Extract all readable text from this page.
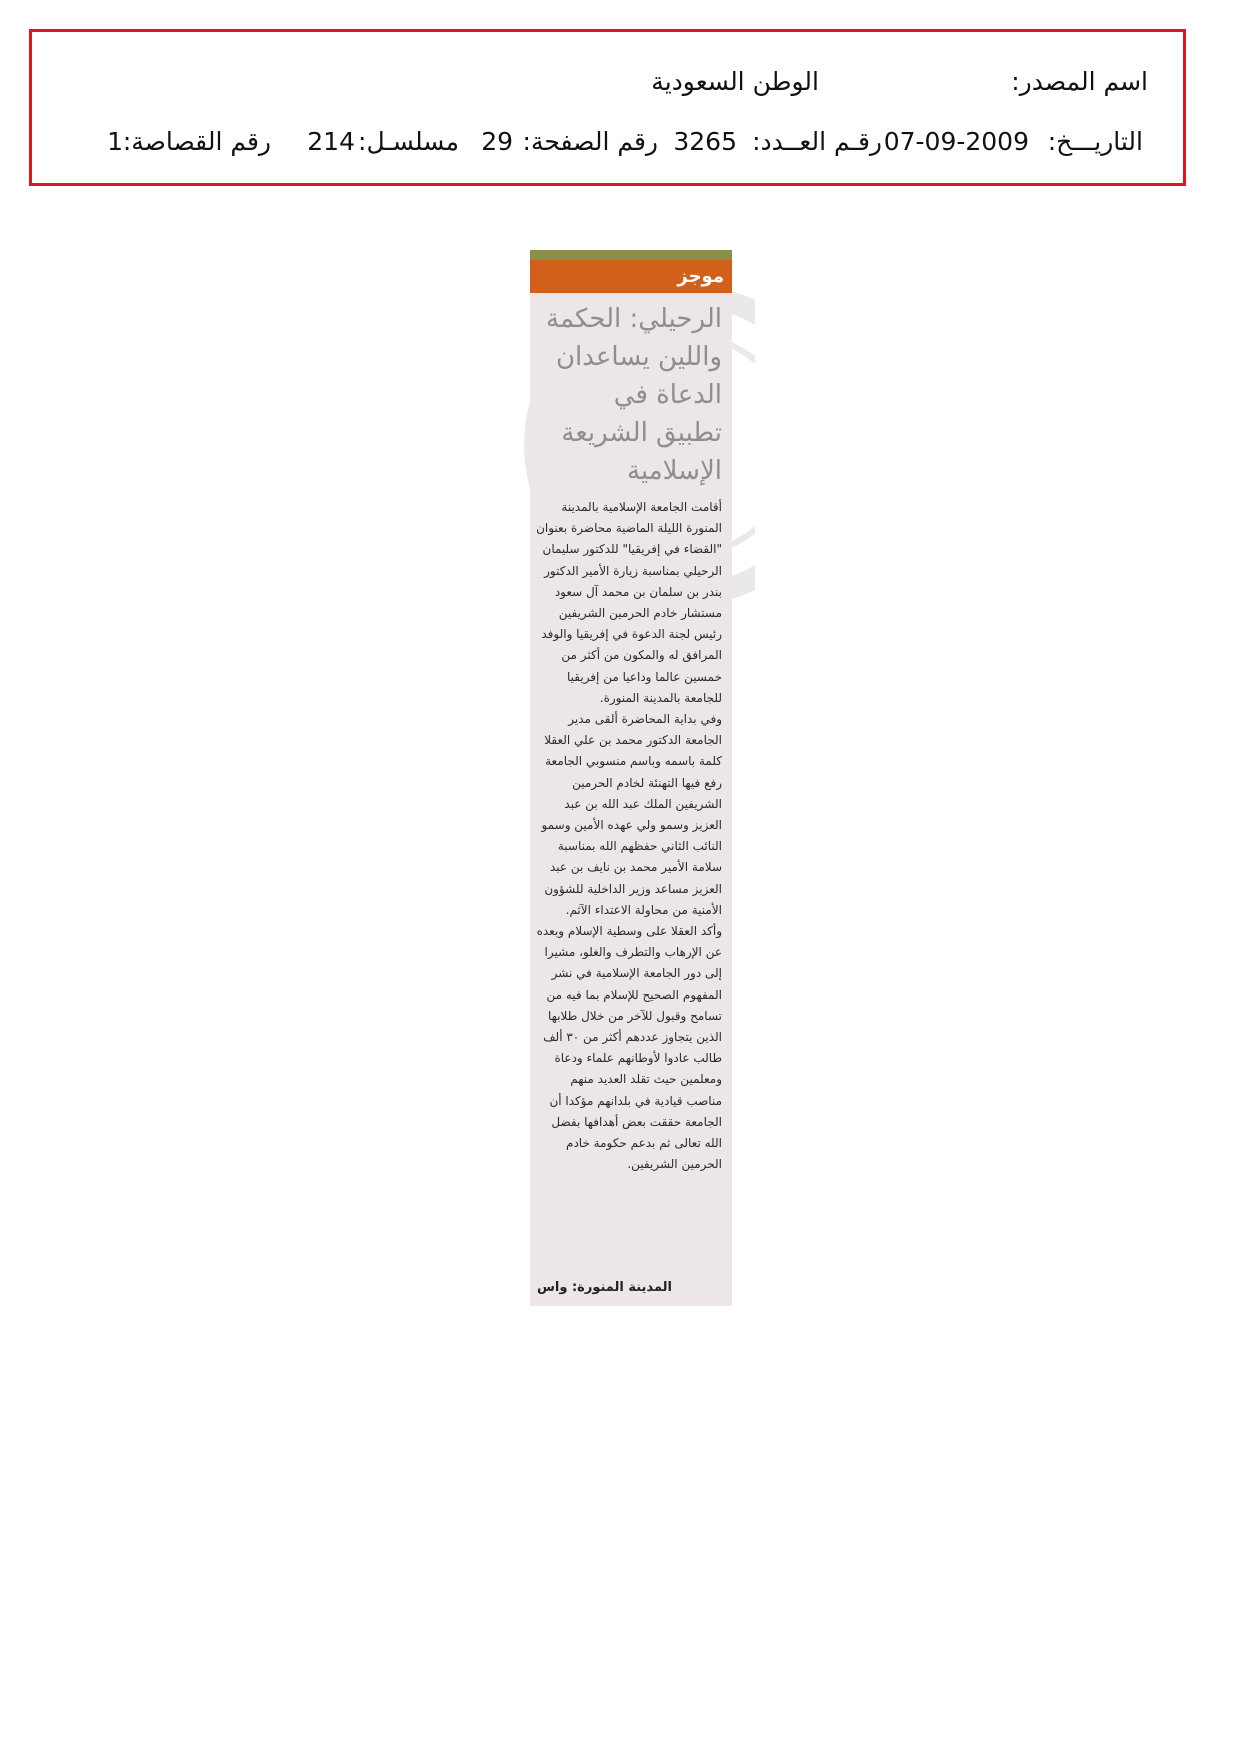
اسم المصدر:
الوطن السعودية
التاريـــخ:
07-09-2009
رقـم العــدد:
3265
رقم الصفحة:
29
مسلسـل:
214
رقم القصاصة:
1
موجز
الرحيلي: الحكمة
واللين يساعدان
الدعاة في
تطبيق الشريعة
الإسلامية

أقامت الجامعة الإسلامية بالمدينة المنورة الليلة الماضية محاضرة بعنوان "القضاء في إفريقيا" للدكتور سليمان الرحيلي بمناسبة زيارة الأمير الدكتور بندر بن سلمان بن محمد آل سعود مستشار خادم الحرمين الشريفين رئيس لجنة الدعوة في إفريقيا والوفد المرافق له والمكون من أكثر من خمسين عالما وداعيا من إفريقيا للجامعة بالمدينة المنورة.

وفي بداية المحاضرة ألقى مدير الجامعة الدكتور محمد بن علي العقلا كلمة باسمه وباسم منسوبي الجامعة رفع فيها التهنئة لخادم الحرمين الشريفين الملك عبد الله بن عبد العزيز وسمو ولي عهده الأمين وسمو النائب الثاني حفظهم الله بمناسبة سلامة الأمير محمد بن نايف بن عبد العزيز مساعد وزير الداخلية للشؤون الأمنية من محاولة الاعتداء الآثم.

وأكد العقلا على وسطية الإسلام وبعده عن الإرهاب والتطرف والغلو، مشيرا إلى دور الجامعة الإسلامية في نشر المفهوم الصحيح للإسلام بما فيه من تسامح وقبول للآخر من خلال طلابها الذين يتجاوز عددهم أكثر من ٣٠ ألف طالب عادوا لأوطانهم علماء ودعاة ومعلمين حيث تقلد العديد منهم مناصب قيادية في بلدانهم مؤكدا أن الجامعة حققت بعض أهدافها بفضل الله تعالى ثم بدعم حكومة خادم الحرمين الشريفين.

المدينة المنورة: واس
